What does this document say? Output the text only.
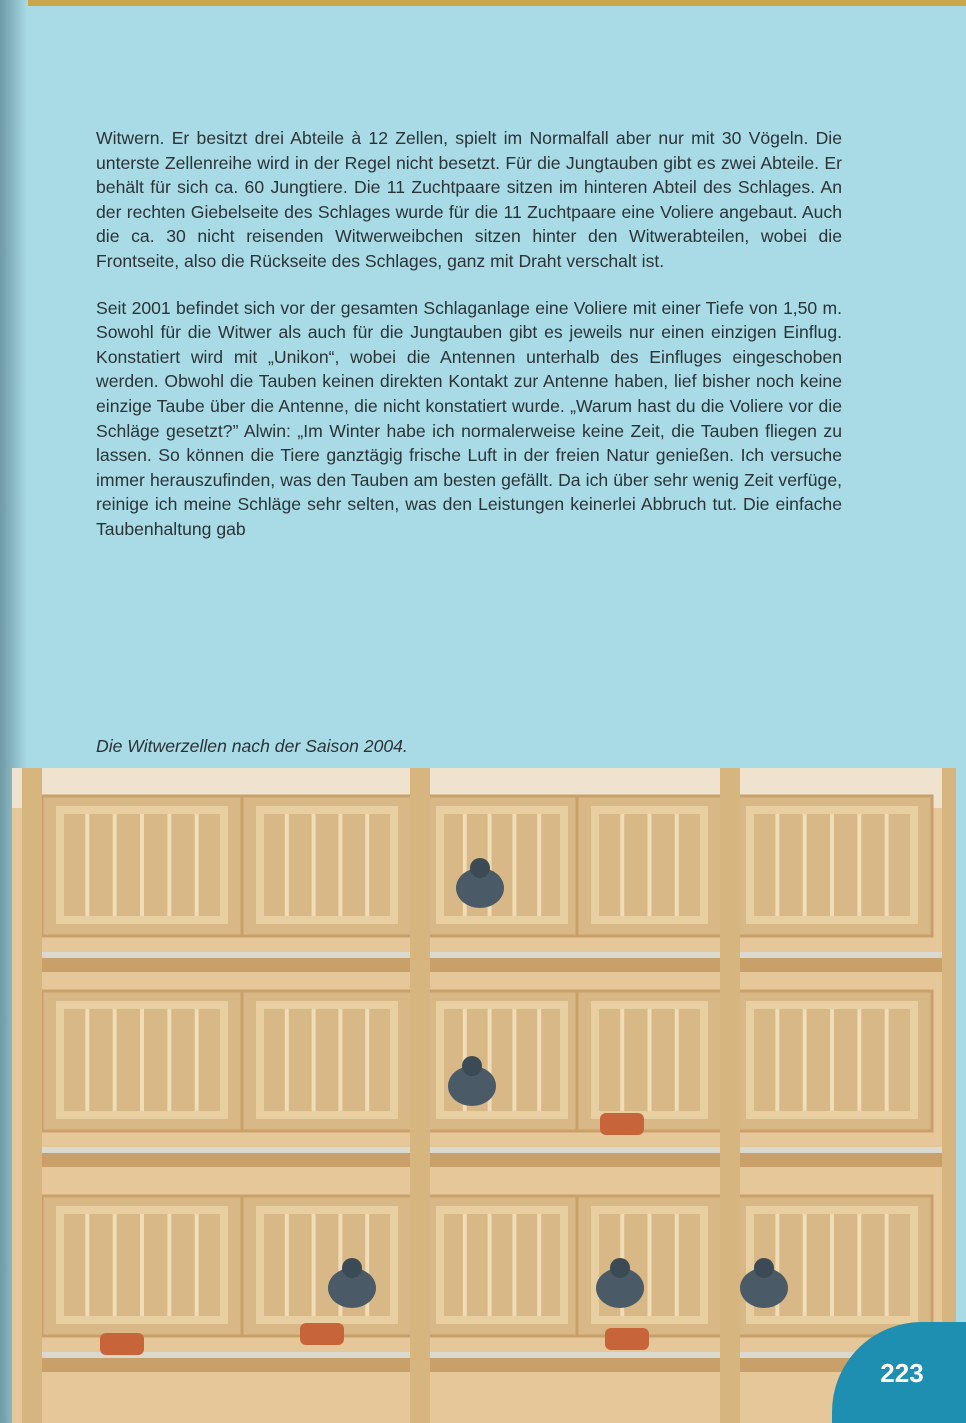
Witwern. Er besitzt drei Abteile à 12 Zellen, spielt im Normalfall aber nur mit 30 Vögeln. Die unterste Zellenreihe wird in der Regel nicht besetzt. Für die Jungtauben gibt es zwei Abteile. Er behält für sich ca. 60 Jungtiere. Die 11 Zuchtpaare sitzen im hinteren Abteil des Schlages. An der rechten Giebelseite des Schlages wurde für die 11 Zuchtpaare eine Voliere angebaut. Auch die ca. 30 nicht reisenden Witwerweibchen sitzen hinter den Witwerabteilen, wobei die Frontseite, also die Rückseite des Schlages, ganz mit Draht verschalt ist.

Seit 2001 befindet sich vor der gesamten Schlaganlage eine Voliere mit einer Tiefe von 1,50 m. Sowohl für die Witwer als auch für die Jungtauben gibt es jeweils nur einen einzigen Einflug. Konstatiert wird mit „Unikon“, wobei die Antennen unterhalb des Einfluges eingeschoben werden. Obwohl die Tauben keinen direkten Kontakt zur Antenne haben, lief bisher noch keine einzige Taube über die Antenne, die nicht konstatiert wurde. „Warum hast du die Voliere vor die Schläge gesetzt?” Alwin: „Im Winter habe ich normalerweise keine Zeit, die Tauben fliegen zu lassen. So können die Tiere ganztägig frische Luft in der freien Natur genießen. Ich versuche immer herauszufinden, was den Tauben am besten gefällt. Da ich über sehr wenig Zeit verfüge, reinige ich meine Schläge sehr selten, was den Leistungen keinerlei Abbruch tut. Die einfache Taubenhaltung gab

Die Witwerzellen nach der Saison 2004.
223
